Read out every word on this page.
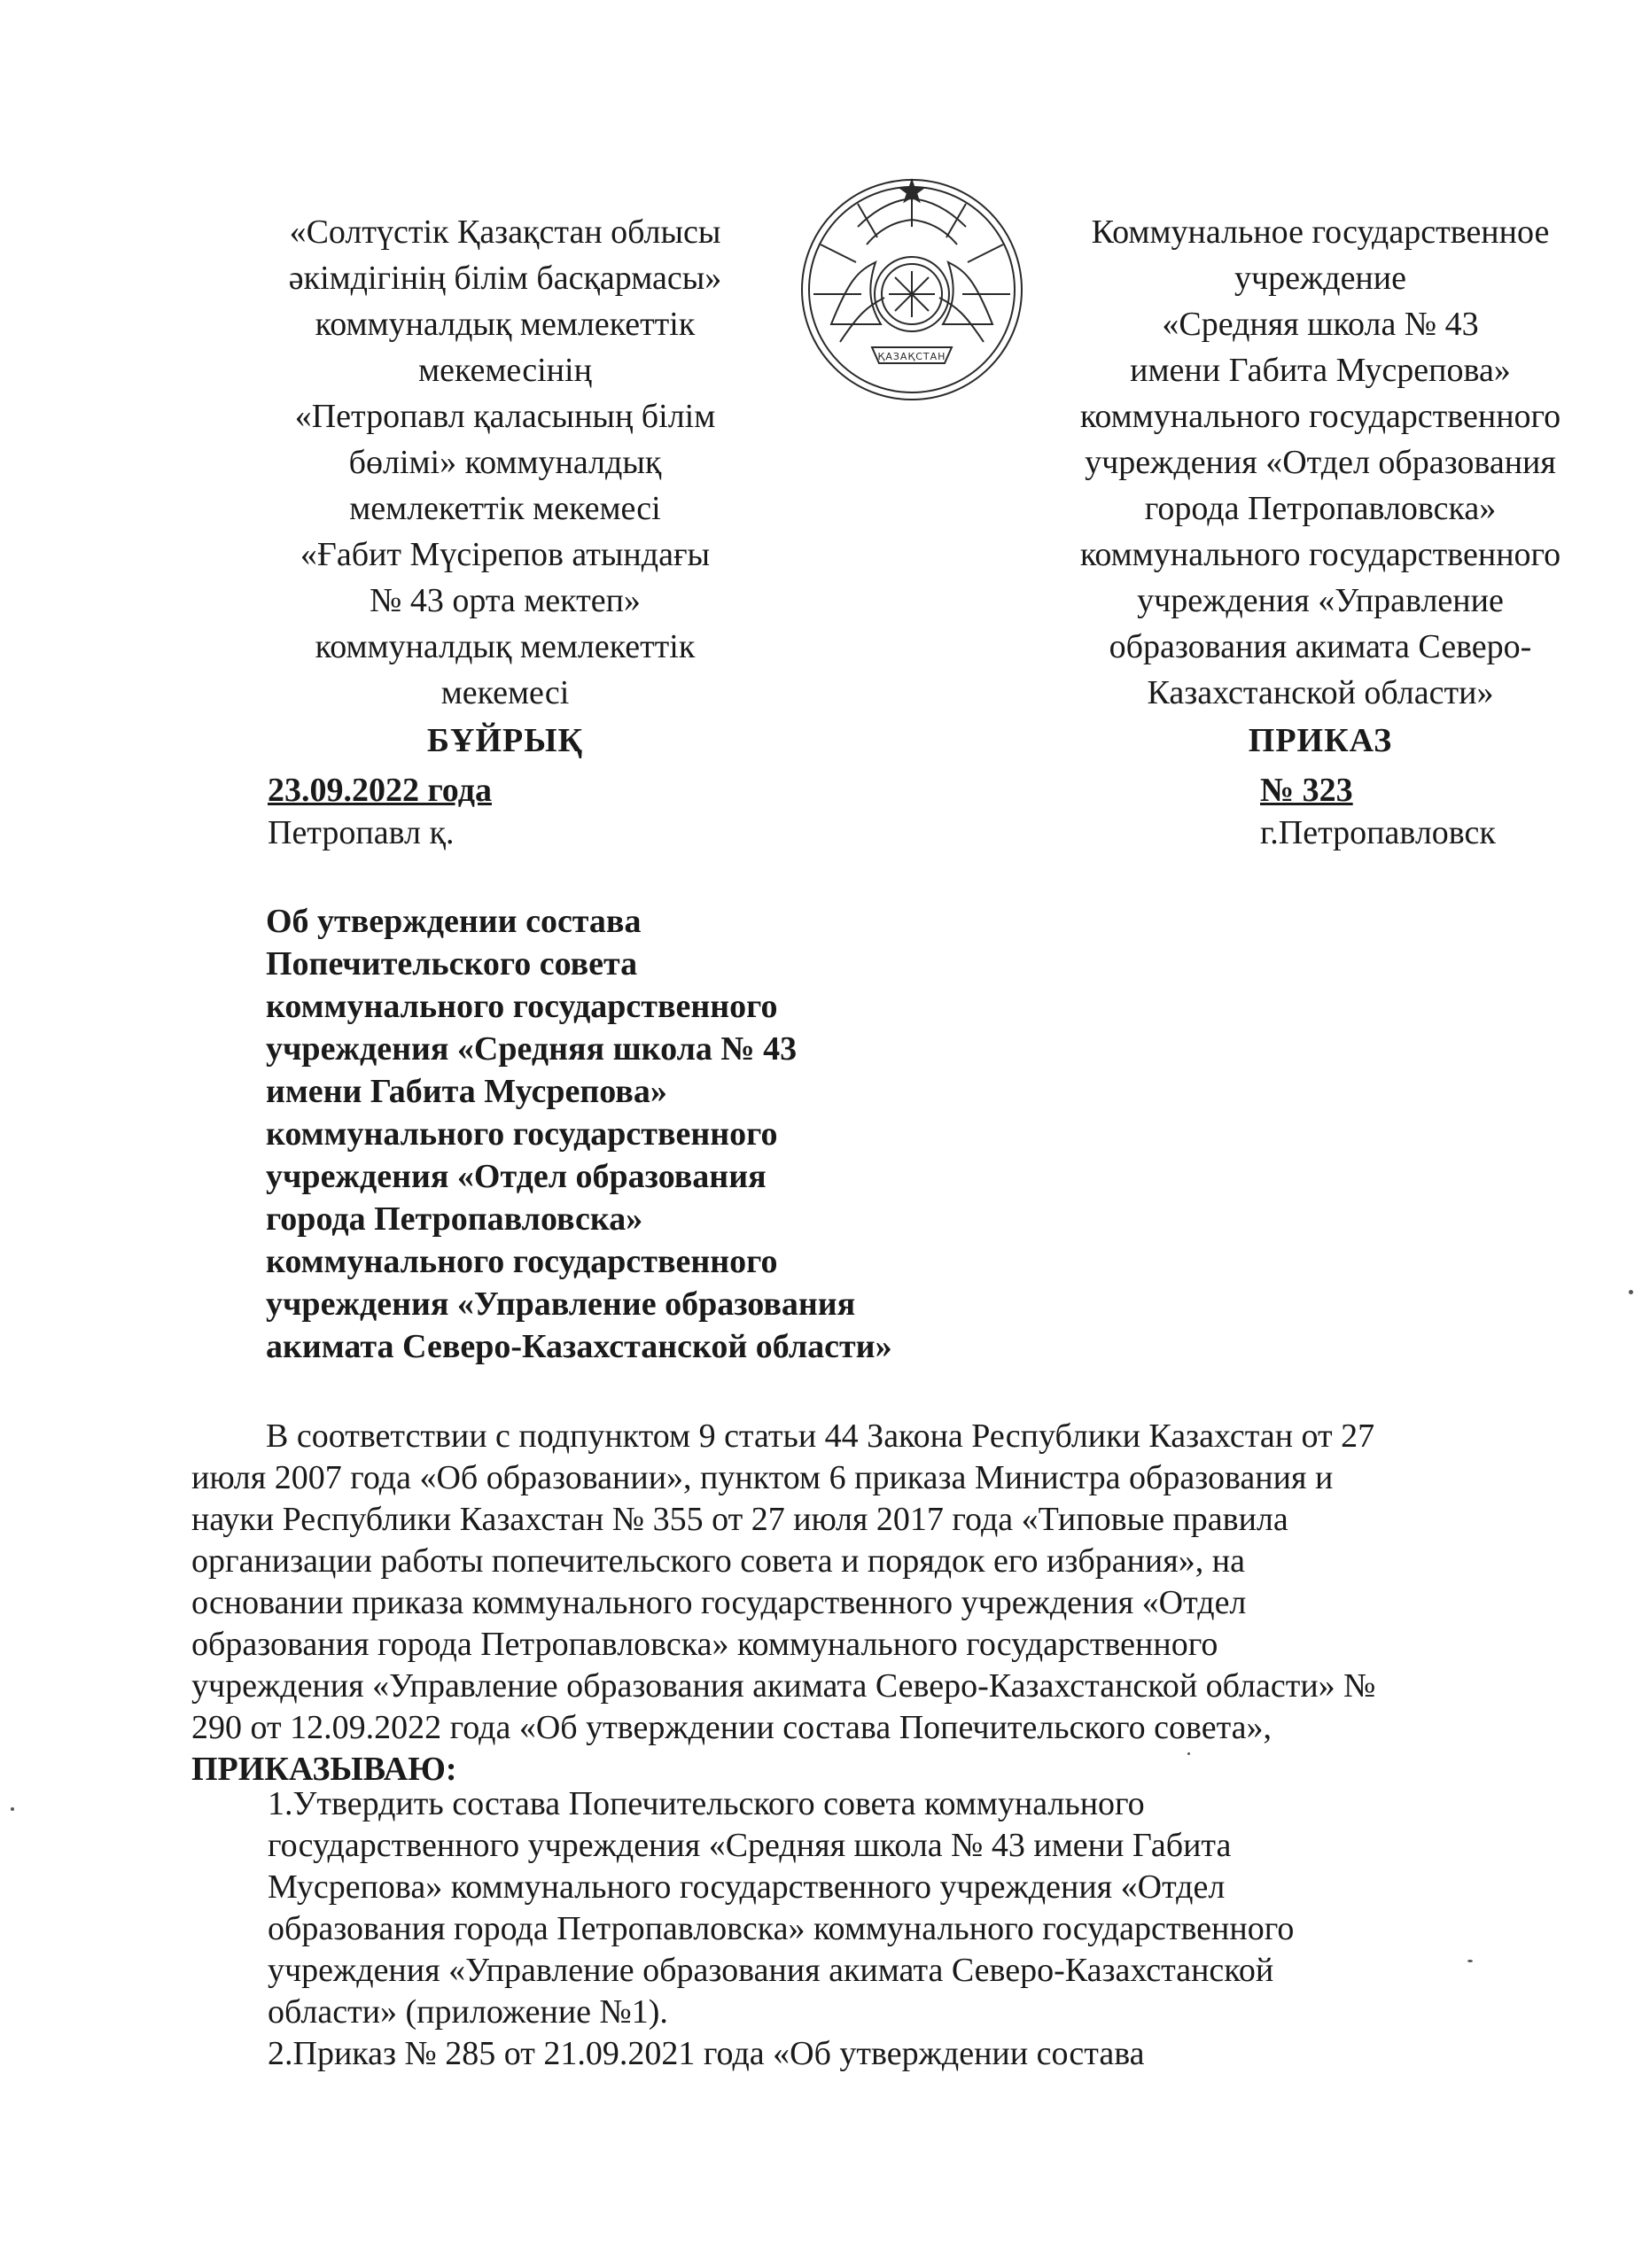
«Солтүстік Қазақстан облысы
әкімдігінің білім басқармасы»
коммуналдық мемлекеттік
мекемесінің
«Петропавл қаласының білім
бөлімі» коммуналдық
мемлекеттік мекемесі
«Ғабит Мүсірепов атындағы
№ 43 орта мектеп»
коммуналдық мемлекеттік
мекемесі
БҰЙРЫҚ
ҚАЗАҚСТАН
Коммунальное государственное
учреждение
«Средняя школа № 43
имени Габита Мусрепова»
коммунального государственного
учреждения «Отдел образования
города Петропавловска»
коммунального государственного
учреждения «Управление
образования акимата Северо-
Казахстанской области»
ПРИКАЗ
23.09.2022 года
Петропавл қ.
№ 323
г.Петропавловск
Об утверждении состава
Попечительского совета
коммунального государственного
учреждения «Средняя школа № 43
имени Габита Мусрепова»
коммунального государственного
учреждения «Отдел образования
города Петропавловска»
коммунального государственного
учреждения «Управление образования
акимата Северо-Казахстанской области»
В соответствии с подпунктом 9 статьи 44 Закона Республики Казахстан от 27
июля 2007 года «Об образовании», пунктом 6 приказа Министра образования и
науки Республики Казахстан № 355 от 27 июля 2017 года «Типовые правила
организации работы попечительского совета и порядок его избрания», на
основании приказа коммунального государственного учреждения «Отдел
образования города Петропавловска» коммунального государственного
учреждения «Управление образования акимата Северо-Казахстанской области» №
290 от 12.09.2022 года «Об утверждении состава Попечительского совета»,
ПРИКАЗЫВАЮ:
1.Утвердить состава Попечительского совета коммунального
государственного учреждения «Средняя школа № 43 имени Габита
Мусрепова» коммунального государственного учреждения «Отдел
образования города Петропавловска» коммунального государственного
учреждения «Управление образования акимата Северо-Казахстанской
области» (приложение №1).
2.Приказ № 285 от 21.09.2021 года «Об утверждении состава
